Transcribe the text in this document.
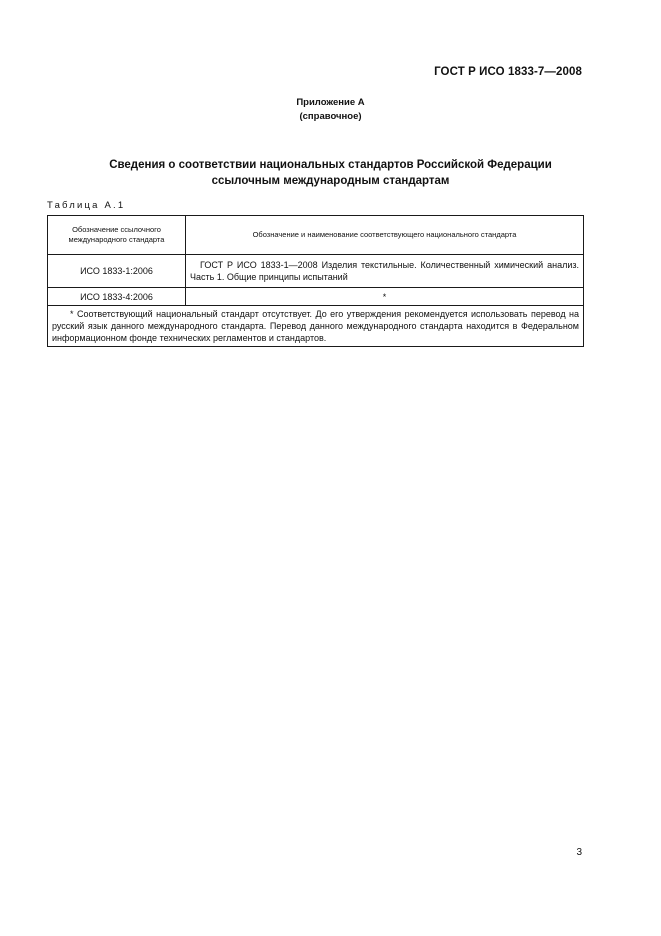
ГОСТ Р ИСО 1833-7—2008
Приложение А
(справочное)
Сведения о соответствии национальных стандартов Российской Федерации
ссылочным международным стандартам
Таблица А.1
Обозначение ссылочного международного стандарта	Обозначение и наименование соответствующего национального стандарта
ИСО 1833-1:2006	ГОСТ Р ИСО 1833-1—2008 Изделия текстильные. Количественный химический анализ. Часть 1. Общие принципы испытаний
ИСО 1833-4:2006	*
* Соответствующий национальный стандарт отсутствует. До его утверждения рекомендуется использовать перевод на русский язык данного международного стандарта. Перевод данного международного стандарта находится в Федеральном информационном фонде технических регламентов и стандартов.	
3
